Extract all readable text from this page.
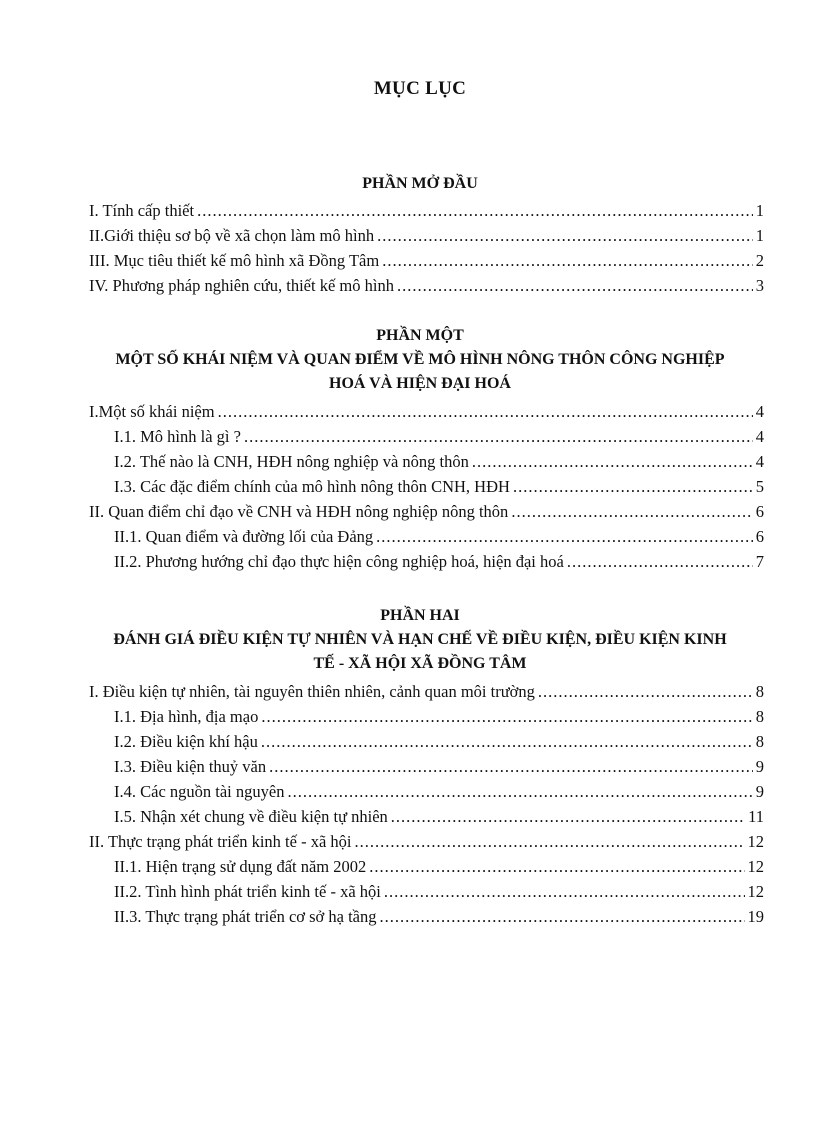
MỤC LỤC
PHẦN MỞ ĐẦU
I. Tính cấp thiết .....	1
II.Giới thiệu sơ bộ về xã chọn làm mô hình .....	1
III. Mục tiêu thiết kế mô hình xã Đồng Tâm .....	2
IV. Phương pháp nghiên cứu, thiết kế mô hình .....	3
PHẦN MỘT
MỘT SỐ KHÁI NIỆM VÀ QUAN ĐIỂM VỀ MÔ HÌNH NÔNG THÔN CÔNG NGHIỆP
HOÁ VÀ HIỆN ĐẠI HOÁ
I.Một số khái niệm .....	4
I.1. Mô hình là gì ? .....	4
I.2. Thế nào là CNH, HĐH nông nghiệp và nông thôn .....	4
I.3. Các đặc điểm chính của mô hình nông thôn CNH, HĐH .....	5
II. Quan điểm chỉ đạo về CNH và HĐH nông nghiệp nông thôn .....	6
II.1. Quan điểm và đường lối của Đảng .....	6
II.2. Phương hướng chỉ đạo thực hiện công nghiệp hoá, hiện đại hoá .....	7
PHẦN HAI
ĐÁNH GIÁ ĐIỀU KIỆN TỰ NHIÊN VÀ HẠN CHẾ VỀ ĐIỀU KIỆN, ĐIỀU KIỆN KINH
TẾ - XÃ HỘI XÃ ĐỒNG TÂM
I. Điều kiện tự nhiên, tài nguyên thiên nhiên, cảnh quan môi trường .....	8
I.1. Địa hình, địa mạo .....	8
I.2. Điều kiện khí hậu .....	8
I.3. Điều kiện thuỷ văn .....	9
I.4. Các nguồn tài nguyên .....	9
I.5. Nhận xét chung về điều kiện tự nhiên .....	11
II. Thực trạng phát triển kinh tế - xã hội .....	12
II.1. Hiện trạng sử dụng đất năm 2002 .....	12
II.2. Tình hình phát triển kinh tế - xã hội .....	12
II.3. Thực trạng phát triển cơ sở hạ tầng .....	19
